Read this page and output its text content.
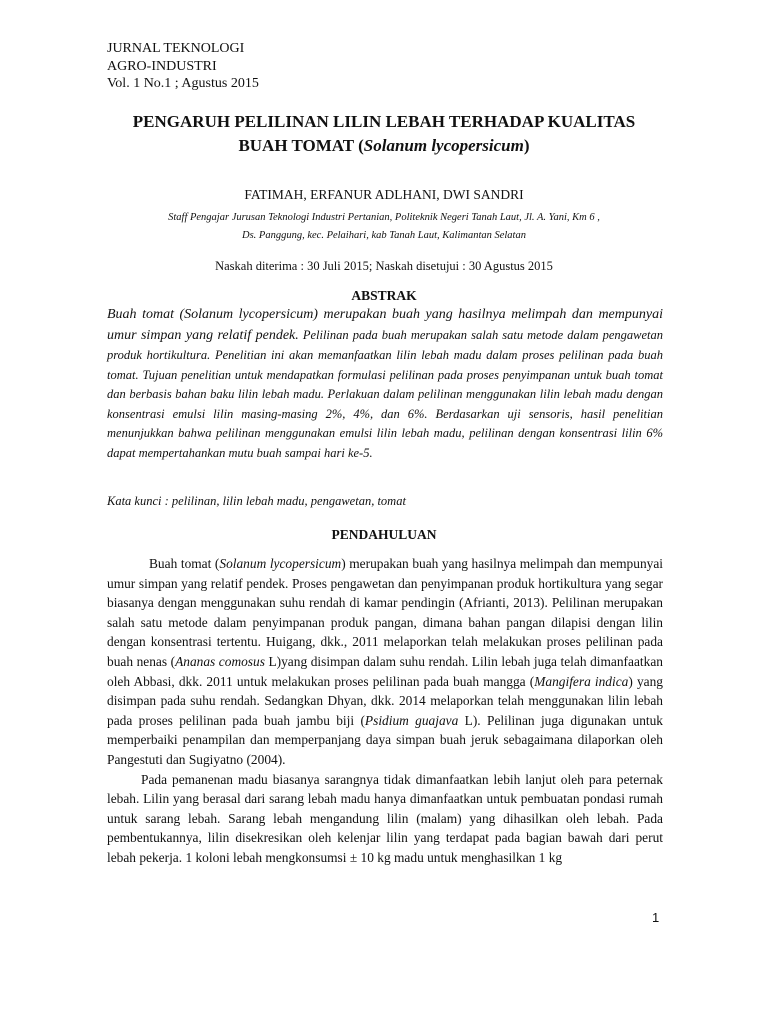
JURNAL TEKNOLOGI
AGRO-INDUSTRI
Vol. 1 No.1 ; Agustus 2015
PENGARUH PELILINAN LILIN LEBAH TERHADAP KUALITAS
BUAH TOMAT (Solanum lycopersicum)
FATIMAH, ERFANUR ADLHANI, DWI SANDRI
Staff Pengajar Jurusan Teknologi Industri Pertanian, Politeknik Negeri Tanah Laut, Jl. A. Yani, Km 6 ,
Ds. Panggung, kec. Pelaihari, kab Tanah Laut, Kalimantan Selatan
Naskah diterima : 30 Juli 2015; Naskah disetujui : 30 Agustus 2015
ABSTRAK
Buah tomat (Solanum lycopersicum) merupakan buah yang hasilnya melimpah dan mempunyai umur simpan yang relatif pendek. Pelilinan pada buah merupakan salah satu metode dalam pengawetan produk hortikultura. Penelitian ini akan memanfaatkan lilin lebah madu dalam proses pelilinan pada buah tomat. Tujuan penelitian untuk mendapatkan formulasi pelilinan pada proses penyimpanan untuk buah tomat dan berbasis bahan baku lilin lebah madu. Perlakuan dalam pelilinan menggunakan lilin lebah madu dengan konsentrasi emulsi lilin masing-masing 2%, 4%, dan 6%. Berdasarkan uji sensoris, hasil penelitian menunjukkan bahwa pelilinan menggunakan emulsi lilin lebah madu, pelilinan dengan konsentrasi lilin 6% dapat mempertahankan mutu buah sampai hari ke-5.
Kata kunci : pelilinan, lilin lebah madu, pengawetan, tomat
PENDAHULUAN

Buah tomat (Solanum lycopersicum) merupakan buah yang hasilnya melimpah dan mempunyai umur simpan yang relatif pendek. Proses pengawetan dan penyimpanan produk hortikultura yang segar biasanya dengan menggunakan suhu rendah di kamar pendingin (Afrianti, 2013). Pelilinan merupakan salah satu metode dalam penyimpanan produk pangan, dimana bahan pangan dilapisi dengan lilin dengan konsentrasi tertentu. Huigang, dkk., 2011 melaporkan telah melakukan proses pelilinan pada buah nenas (Ananas comosus L)yang disimpan dalam suhu rendah. Lilin lebah juga telah dimanfaatkan oleh Abbasi, dkk. 2011 untuk melakukan proses pelilinan pada buah mangga (Mangifera indica) yang disimpan pada suhu rendah. Sedangkan Dhyan, dkk. 2014 melaporkan telah menggunakan lilin lebah pada proses pelilinan pada buah jambu biji (Psidium guajava L). Pelilinan juga digunakan untuk memperbaiki penampilan dan memperpanjang daya simpan buah jeruk sebagaimana dilaporkan oleh Pangestuti dan Sugiyatno (2004).

Pada pemanenan madu biasanya sarangnya tidak dimanfaatkan lebih lanjut oleh para peternak lebah. Lilin yang berasal dari sarang lebah madu hanya dimanfaatkan untuk pembuatan pondasi rumah untuk sarang lebah. Sarang lebah mengandung lilin (malam) yang dihasilkan oleh lebah. Pada pembentukannya, lilin disekresikan oleh kelenjar lilin yang terdapat pada bagian bawah dari perut lebah pekerja. 1 koloni lebah mengkonsumsi ± 10 kg madu untuk menghasilkan 1 kg

1
